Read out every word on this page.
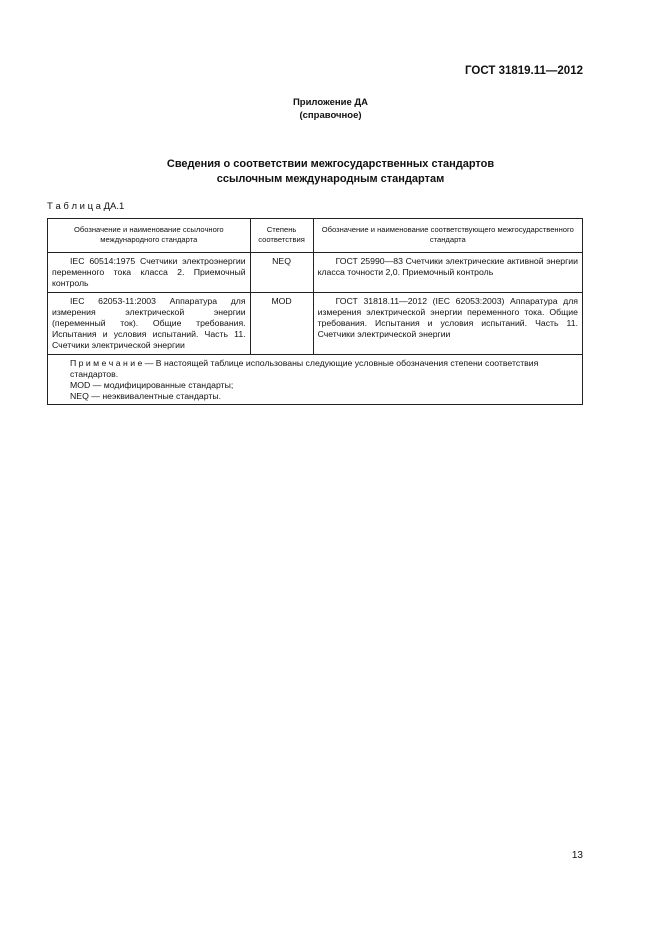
ГОСТ 31819.11—2012
Приложение ДА
(справочное)
Сведения о соответствии межгосударственных стандартов
ссылочным международным стандартам
Т а б л и ц а ДА.1
Обозначение и наименование ссылочного международного стандарта	Степень соответствия	Обозначение и наименование соответствующего межгосударственного стандарта
IEC 60514:1975 Счетчики электроэнергии переменного тока класса 2. Приемочный контроль	NEQ	ГОСТ 25990—83 Счетчики электрические активной энергии класса точности 2,0. Приемочный контроль
IEC 62053-11:2003 Аппаратура для измерения электрической энергии (переменный ток). Общие требования. Испытания и условия испытаний. Часть 11. Счетчики электрической энергии	MOD	ГОСТ 31818.11—2012 (IEC 62053:2003) Аппаратура для измерения электрической энергии переменного тока. Общие требования. Испытания и условия испытаний. Часть 11. Счетчики электрической энергии

П р и м е ч а н и е — В настоящей таблице использованы следующие условные обозначения степени соответствия стандартов.
MOD — модифицированные стандарты;
NEQ — неэквивалентные стандарты.		
13
